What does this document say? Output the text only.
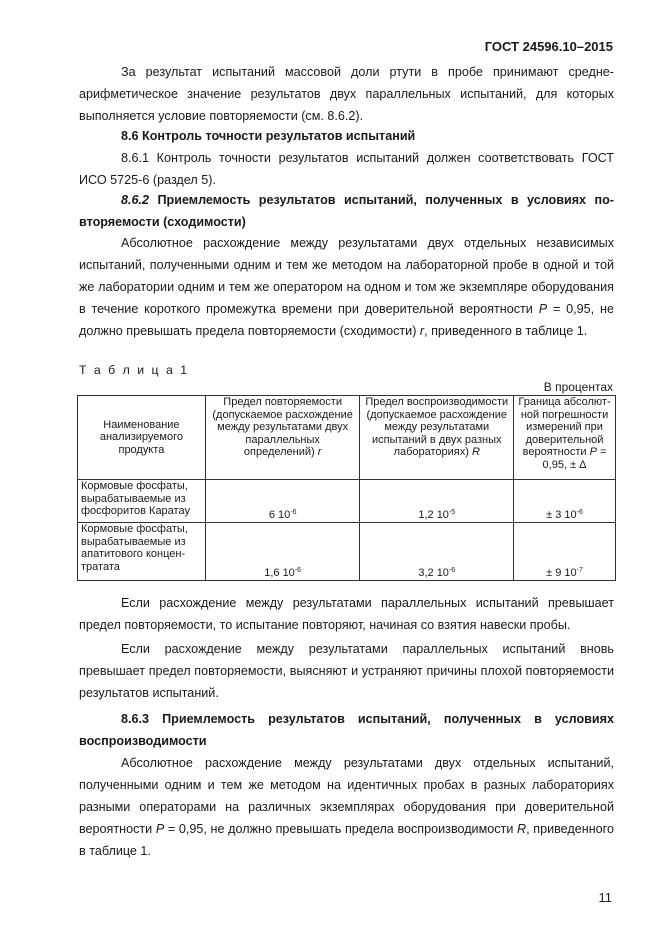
ГОСТ 24596.10–2015
За результат испытаний массовой доли ртути в пробе принимают среднеарифметическое значение результатов двух параллельных испытаний, для которых выполняется условие повторяемости (см. 8.6.2).
8.6 Контроль точности результатов испытаний
8.6.1 Контроль точности результатов испытаний должен соответствовать ГОСТ ИСО 5725-6 (раздел 5).
8.6.2 Приемлемость результатов испытаний, полученных в условиях повторяемости (сходимости)
Абсолютное расхождение между результатами двух отдельных независимых испытаний, полученными одним и тем же методом на лабораторной пробе в одной и той же лаборатории одним и тем же оператором на одном и том же экземпляре оборудования в течение короткого промежутка времени при доверительной вероятности P = 0,95, не должно превышать предела повторяемости (сходимости) r, приведенного в таблице 1.
Т а б л и ц а 1
В процентах
Наименование анализируемого продукта	Предел повторяемости (допускаемое расхождение между результатами двух параллельных определений) r	Предел воспроизводимости (допускаемое расхождение между результатами испытаний в двух разных лабораториях) R	Граница абсолютной погрешности измерений при доверительной вероятности P = 0,95, ± Δ
Кормовые фосфаты, вырабатываемые из фосфоритов Каратау	6 $10^{-6}$	1,2 $10^{-5}$	± 3 $10^{-6}$
Кормовые фосфаты, вырабатываемые из апатитового концентратата	1,6 $10^{-6}$	3,2 $10^{-6}$	± 9 $10^{-7}$
Если расхождение между результатами параллельных испытаний превышает предел повторяемости, то испытание повторяют, начиная со взятия навески пробы.
Если расхождение между результатами параллельных испытаний вновь превышает предел повторяемости, выясняют и устраняют причины плохой повторяемости результатов испытаний.
8.6.3 Приемлемость результатов испытаний, полученных в условиях воспроизводимости
Абсолютное расхождение между результатами двух отдельных испытаний, полученными одним и тем же методом на идентичных пробах в разных лабораториях разными операторами на различных экземплярах оборудования при доверительной вероятности P = 0,95, не должно превышать предела воспроизводимости R, приведенного в таблице 1.
11
